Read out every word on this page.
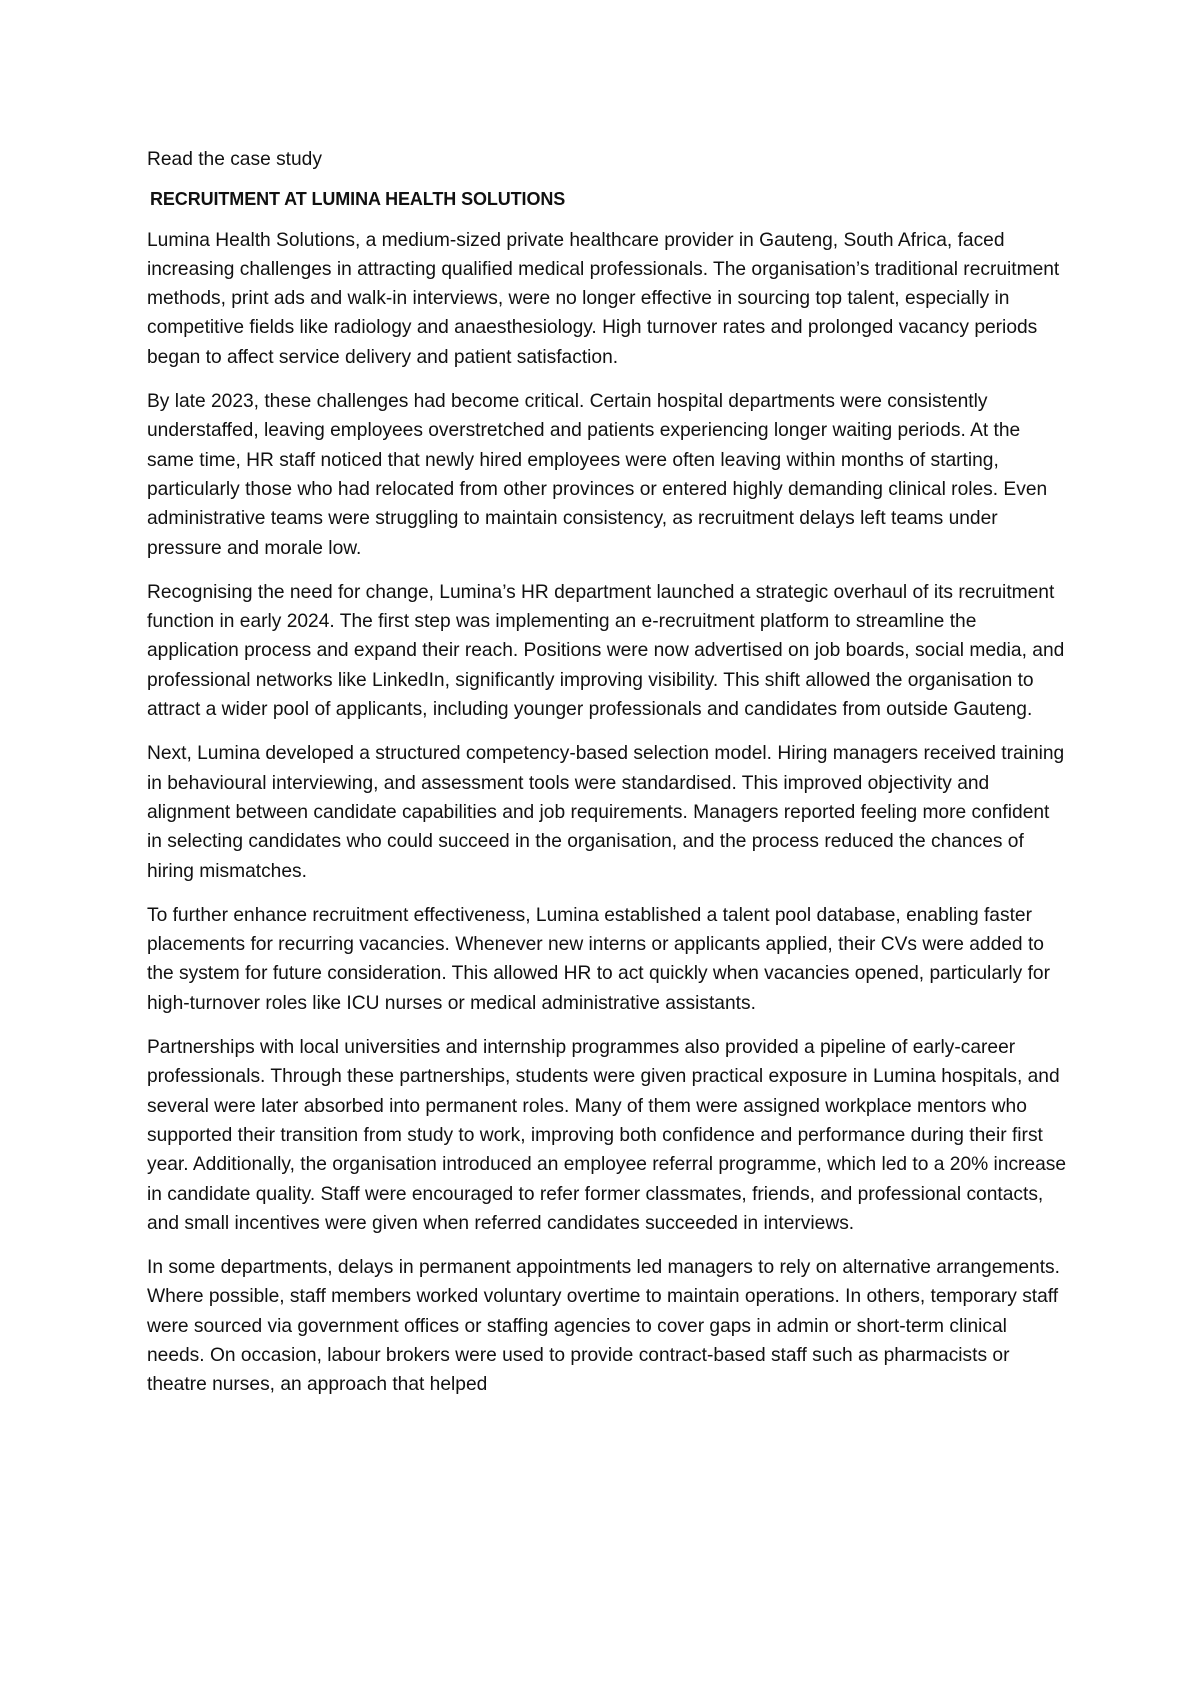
Read the case study

RECRUITMENT AT LUMINA HEALTH SOLUTIONS

Lumina Health Solutions, a medium-sized private healthcare provider in Gauteng, South Africa, faced increasing challenges in attracting qualified medical professionals. The organisation’s traditional recruitment methods, print ads and walk-in interviews, were no longer effective in sourcing top talent, especially in competitive fields like radiology and anaesthesiology. High turnover rates and prolonged vacancy periods began to affect service delivery and patient satisfaction.

By late 2023, these challenges had become critical. Certain hospital departments were consistently understaffed, leaving employees overstretched and patients experiencing longer waiting periods. At the same time, HR staff noticed that newly hired employees were often leaving within months of starting, particularly those who had relocated from other provinces or entered highly demanding clinical roles. Even administrative teams were struggling to maintain consistency, as recruitment delays left teams under pressure and morale low.

Recognising the need for change, Lumina’s HR department launched a strategic overhaul of its recruitment function in early 2024. The first step was implementing an e-recruitment platform to streamline the application process and expand their reach. Positions were now advertised on job boards, social media, and professional networks like LinkedIn, significantly improving visibility. This shift allowed the organisation to attract a wider pool of applicants, including younger professionals and candidates from outside Gauteng.

Next, Lumina developed a structured competency-based selection model. Hiring managers received training in behavioural interviewing, and assessment tools were standardised. This improved objectivity and alignment between candidate capabilities and job requirements. Managers reported feeling more confident in selecting candidates who could succeed in the organisation, and the process reduced the chances of hiring mismatches.

To further enhance recruitment effectiveness, Lumina established a talent pool database, enabling faster placements for recurring vacancies. Whenever new interns or applicants applied, their CVs were added to the system for future consideration. This allowed HR to act quickly when vacancies opened, particularly for high-turnover roles like ICU nurses or medical administrative assistants.

Partnerships with local universities and internship programmes also provided a pipeline of early-career professionals. Through these partnerships, students were given practical exposure in Lumina hospitals, and several were later absorbed into permanent roles. Many of them were assigned workplace mentors who supported their transition from study to work, improving both confidence and performance during their first year. Additionally, the organisation introduced an employee referral programme, which led to a 20% increase in candidate quality. Staff were encouraged to refer former classmates, friends, and professional contacts, and small incentives were given when referred candidates succeeded in interviews.

In some departments, delays in permanent appointments led managers to rely on alternative arrangements. Where possible, staff members worked voluntary overtime to maintain operations. In others, temporary staff were sourced via government offices or staffing agencies to cover gaps in admin or short-term clinical needs. On occasion, labour brokers were used to provide contract-based staff such as pharmacists or theatre nurses, an approach that helped
